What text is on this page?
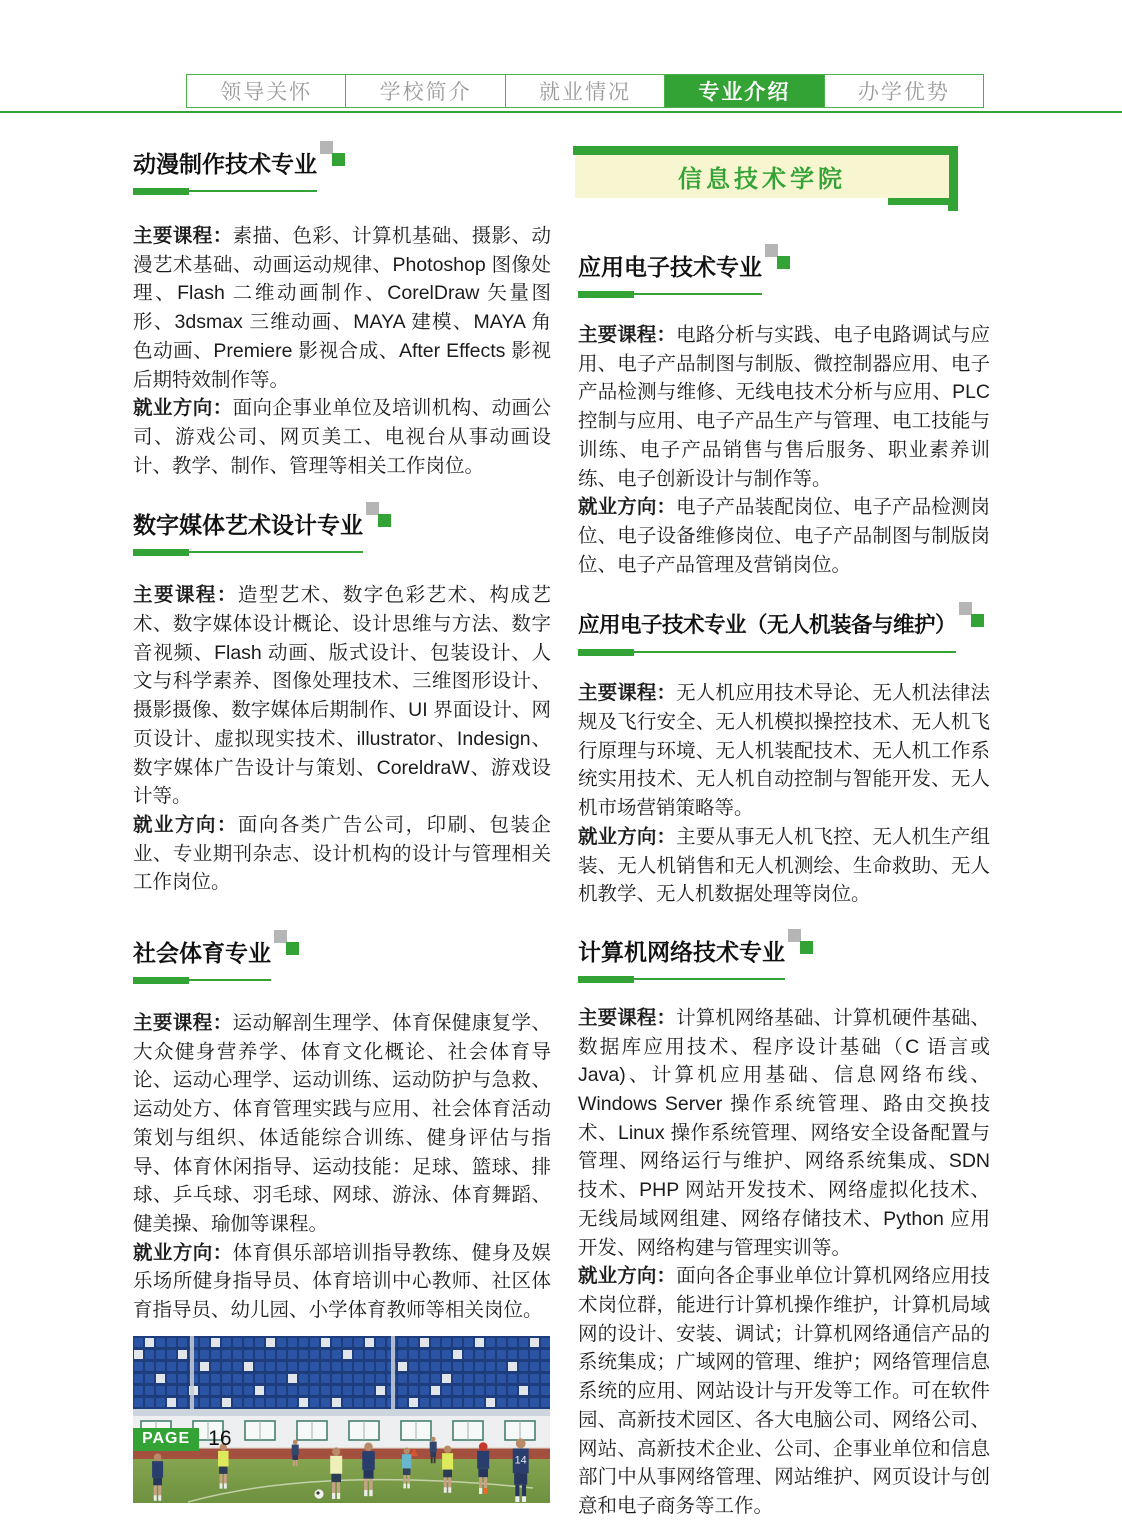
领导关怀	学校简介	就业情况	专业介绍	办学优势
动漫制作技术专业

主要课程：素描、色彩、计算机基础、摄影、动漫艺术基础、动画运动规律、Photoshop 图像处理、Flash 二维动画制作、CorelDraw 矢量图形、3dsmax 三维动画、MAYA 建模、MAYA 角色动画、Premiere 影视合成、After Effects 影视后期特效制作等。

就业方向：面向企事业单位及培训机构、动画公司、游戏公司、网页美工、电视台从事动画设计、教学、制作、管理等相关工作岗位。

数字媒体艺术设计专业

主要课程：造型艺术、数字色彩艺术、构成艺术、数字媒体设计概论、设计思维与方法、数字音视频、Flash 动画、版式设计、包装设计、人文与科学素养、图像处理技术、三维图形设计、摄影摄像、数字媒体后期制作、UI 界面设计、网页设计、虚拟现实技术、illustrator、Indesign、数字媒体广告设计与策划、CoreldraW、游戏设计等。

就业方向：面向各类广告公司，印刷、包装企业、专业期刊杂志、设计机构的设计与管理相关工作岗位。

社会体育专业

主要课程：运动解剖生理学、体育保健康复学、大众健身营养学、体育文化概论、社会体育导论、运动心理学、运动训练、运动防护与急救、运动处方、体育管理实践与应用、社会体育活动策划与组织、体适能综合训练、健身评估与指导、体育休闲指导、运动技能：足球、篮球、排球、乒乓球、羽毛球、网球、游泳、体育舞蹈、健美操、瑜伽等课程。

就业方向：体育俱乐部培训指导教练、健身及娱乐场所健身指导员、体育培训中心教师、社区体育指导员、幼儿园、小学体育教师等相关岗位。

14
信息技术学院
应用电子技术专业

主要课程：电路分析与实践、电子电路调试与应用、电子产品制图与制版、微控制器应用、电子产品检测与维修、无线电技术分析与应用、PLC 控制与应用、电子产品生产与管理、电工技能与训练、电子产品销售与售后服务、职业素养训练、电子创新设计与制作等。

就业方向：电子产品装配岗位、电子产品检测岗位、电子设备维修岗位、电子产品制图与制版岗位、电子产品管理及营销岗位。

应用电子技术专业（无人机装备与维护）

主要课程：无人机应用技术导论、无人机法律法规及飞行安全、无人机模拟操控技术、无人机飞行原理与环境、无人机装配技术、无人机工作系统实用技术、无人机自动控制与智能开发、无人机市场营销策略等。

就业方向：主要从事无人机飞控、无人机生产组装、无人机销售和无人机测绘、生命救助、无人机教学、无人机数据处理等岗位。

计算机网络技术专业

主要课程：计算机网络基础、计算机硬件基础、数据库应用技术、程序设计基础（C 语言或 Java)、计算机应用基础、信息网络布线、Windows Server 操作系统管理、路由交换技术、Linux 操作系统管理、网络安全设备配置与管理、网络运行与维护、网络系统集成、SDN 技术、PHP 网站开发技术、网络虚拟化技术、无线局域网组建、网络存储技术、Python 应用开发、网络构建与管理实训等。

就业方向：面向各企事业单位计算机网络应用技术岗位群，能进行计算机操作维护，计算机局域网的设计、安装、调试；计算机网络通信产品的系统集成；广域网的管理、维护；网络管理信息系统的应用、网站设计与开发等工作。可在软件园、高新技术园区、各大电脑公司、网络公司、网站、高新技术企业、公司、企事业单位和信息部门中从事网络管理、网站维护、网页设计与创意和电子商务等工作。

PAGE 16
